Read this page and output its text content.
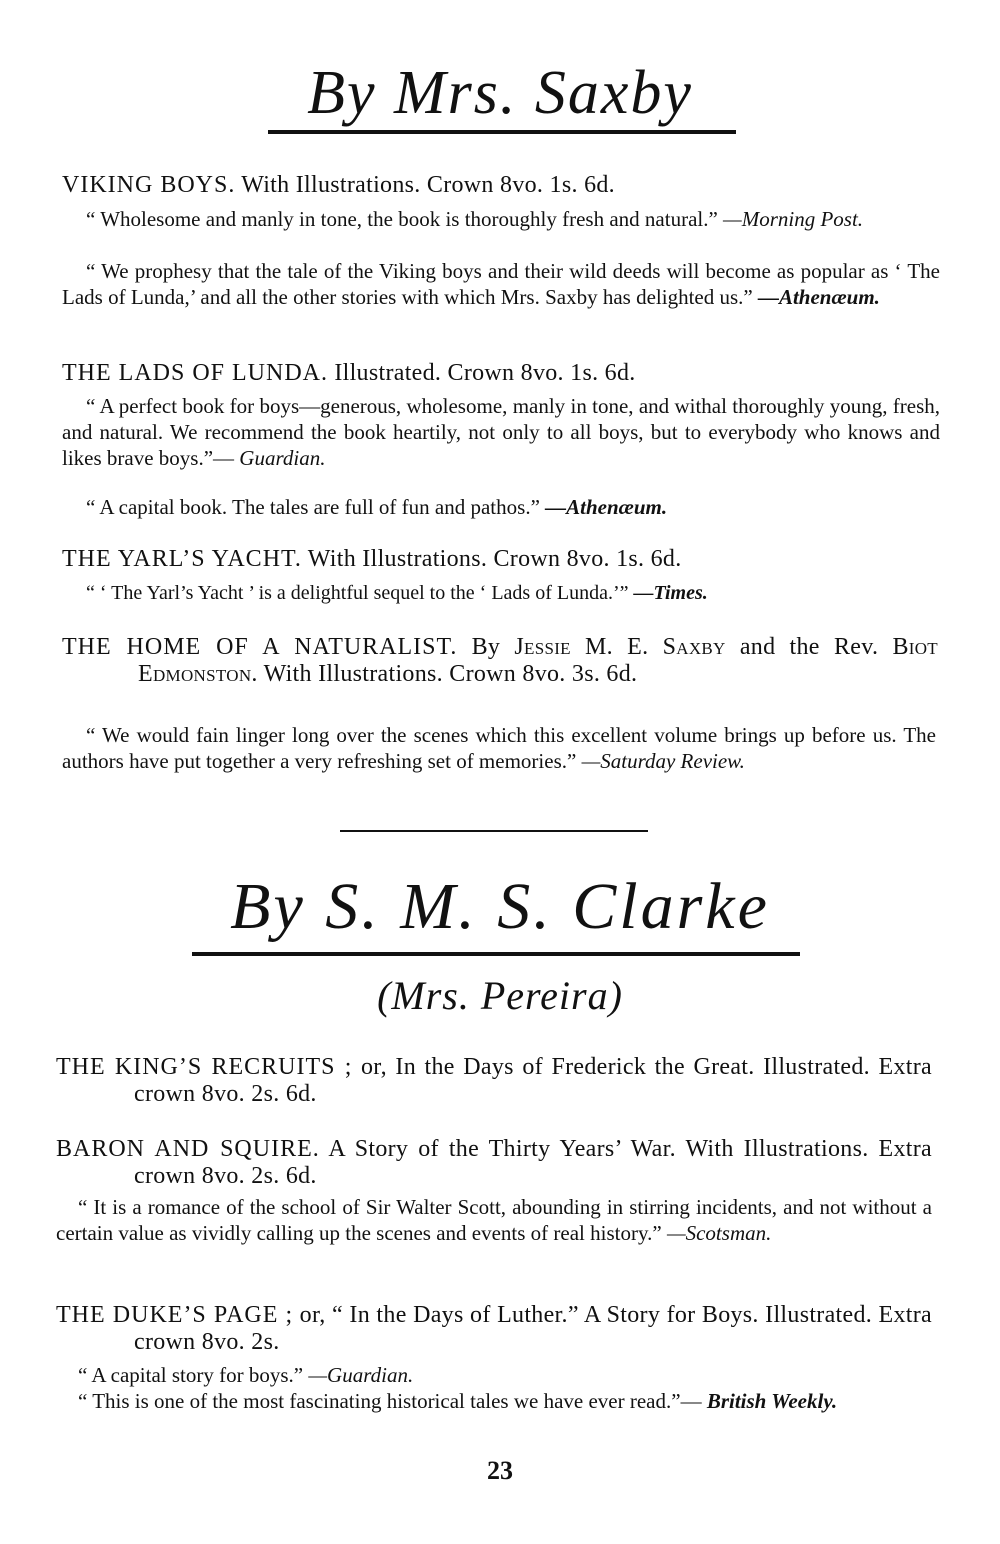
By Mrs. Saxby
VIKING BOYS. With Illustrations. Crown 8vo. 1s. 6d.
“ Wholesome and manly in tone, the book is thoroughly fresh and natural.” —Morning Post.
“ We prophesy that the tale of the Viking boys and their wild deeds will become as popular as ‘ The Lads of Lunda,’ and all the other stories with which Mrs. Saxby has delighted us.” —Athenæum.
THE LADS OF LUNDA. Illustrated. Crown 8vo. 1s. 6d.
“ A perfect book for boys—generous, wholesome, manly in tone, and withal thoroughly young, fresh, and natural. We recommend the book heartily, not only to all boys, but to everybody who knows and likes brave boys.”— Guardian.
“ A capital book. The tales are full of fun and pathos.” —Athenæum.
THE YARL’S YACHT. With Illustrations. Crown 8vo. 1s. 6d.
“ ‘ The Yarl’s Yacht ’ is a delightful sequel to the ‘ Lads of Lunda.’” —Times.
THE HOME OF A NATURALIST. By Jessie M. E. Saxby and the Rev. Biot Edmonston. With Illustrations. Crown 8vo. 3s. 6d.
“ We would fain linger long over the scenes which this excellent volume brings up before us. The authors have put together a very refreshing set of memories.” —Saturday Review.
By S. M. S. Clarke
(Mrs. Pereira)
THE KING’S RECRUITS ; or, In the Days of Frederick the Great. Illustrated. Extra crown 8vo. 2s. 6d.
BARON AND SQUIRE. A Story of the Thirty Years’ War. With Illustrations. Extra crown 8vo. 2s. 6d.
“ It is a romance of the school of Sir Walter Scott, abounding in stirring incidents, and not without a certain value as vividly calling up the scenes and events of real history.” —Scotsman.
THE DUKE’S PAGE ; or, “ In the Days of Luther.” A Story for Boys. Illustrated. Extra crown 8vo. 2s.
“ A capital story for boys.” —Guardian.
“ This is one of the most fascinating historical tales we have ever read.”— British Weekly.
23
